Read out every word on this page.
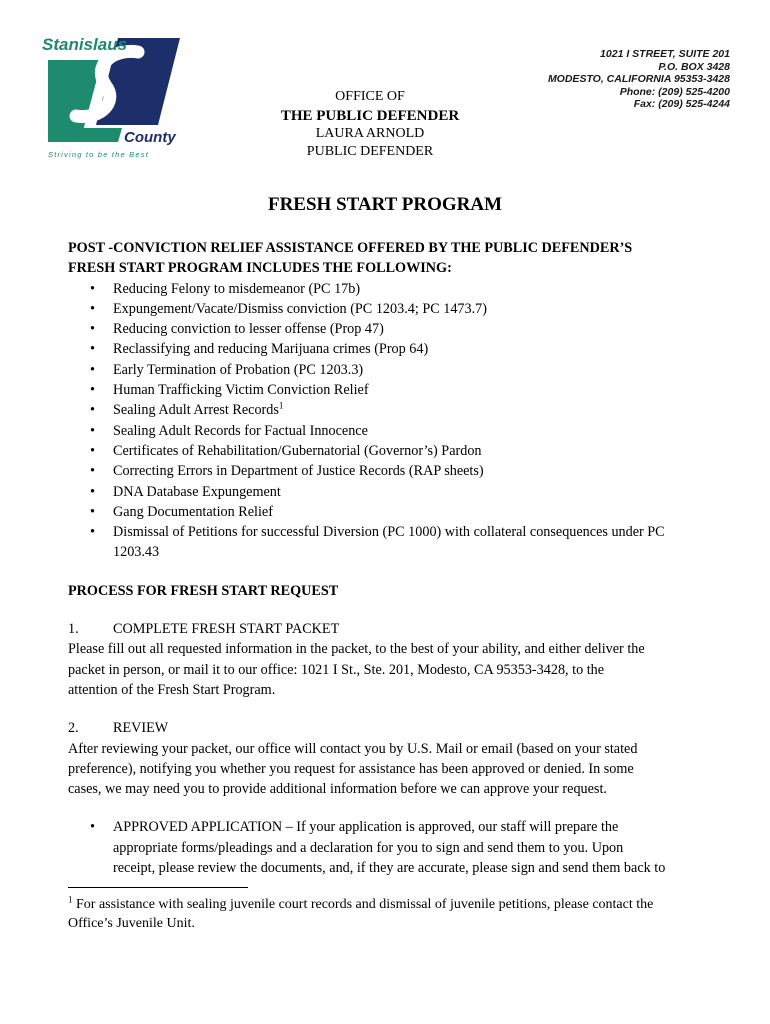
Stanislaus
County
Striving to be the Best
OFFICE OF
THE PUBLIC DEFENDER
LAURA ARNOLD
PUBLIC DEFENDER
1021 I STREET, SUITE 201
P.O. BOX 3428
MODESTO, CALIFORNIA 95353-3428
Phone: (209) 525-4200
Fax: (209) 525-4244
FRESH START PROGRAM
POST -CONVICTION RELIEF ASSISTANCE OFFERED BY THE PUBLIC DEFENDER’S
FRESH START PROGRAM INCLUDES THE FOLLOWING:
• Reducing Felony to misdemeanor (PC 17b)
• Expungement/Vacate/Dismiss conviction (PC 1203.4; PC 1473.7)
• Reducing conviction to lesser offense (Prop 47)
• Reclassifying and reducing Marijuana crimes (Prop 64)
• Early Termination of Probation (PC 1203.3)
• Human Trafficking Victim Conviction Relief
• Sealing Adult Arrest Records$^1$
• Sealing Adult Records for Factual Innocence
• Certificates of Rehabilitation/Gubernatorial (Governor’s) Pardon
• Correcting Errors in Department of Justice Records (RAP sheets)
• DNA Database Expungement
• Gang Documentation Relief
• Dismissal of Petitions for successful Diversion (PC 1000) with collateral consequences under PC
1203.43
PROCESS FOR FRESH START REQUEST
1. COMPLETE FRESH START PACKET
Please fill out all requested information in the packet, to the best of your ability, and either deliver the
packet in person, or mail it to our office: 1021 I St., Ste. 201, Modesto, CA 95353-3428, to the
attention of the Fresh Start Program.
2. REVIEW
After reviewing your packet, our office will contact you by U.S. Mail or email (based on your stated
preference), notifying you whether you request for assistance has been approved or denied. In some
cases, we may need you to provide additional information before we can approve your request.
• APPROVED APPLICATION – If your application is approved, our staff will prepare the
appropriate forms/pleadings and a declaration for you to sign and send them to you. Upon
receipt, please review the documents, and, if they are accurate, please sign and send them back to
$^1$ For assistance with sealing juvenile court records and dismissal of juvenile petitions, please contact the
Office’s Juvenile Unit.
